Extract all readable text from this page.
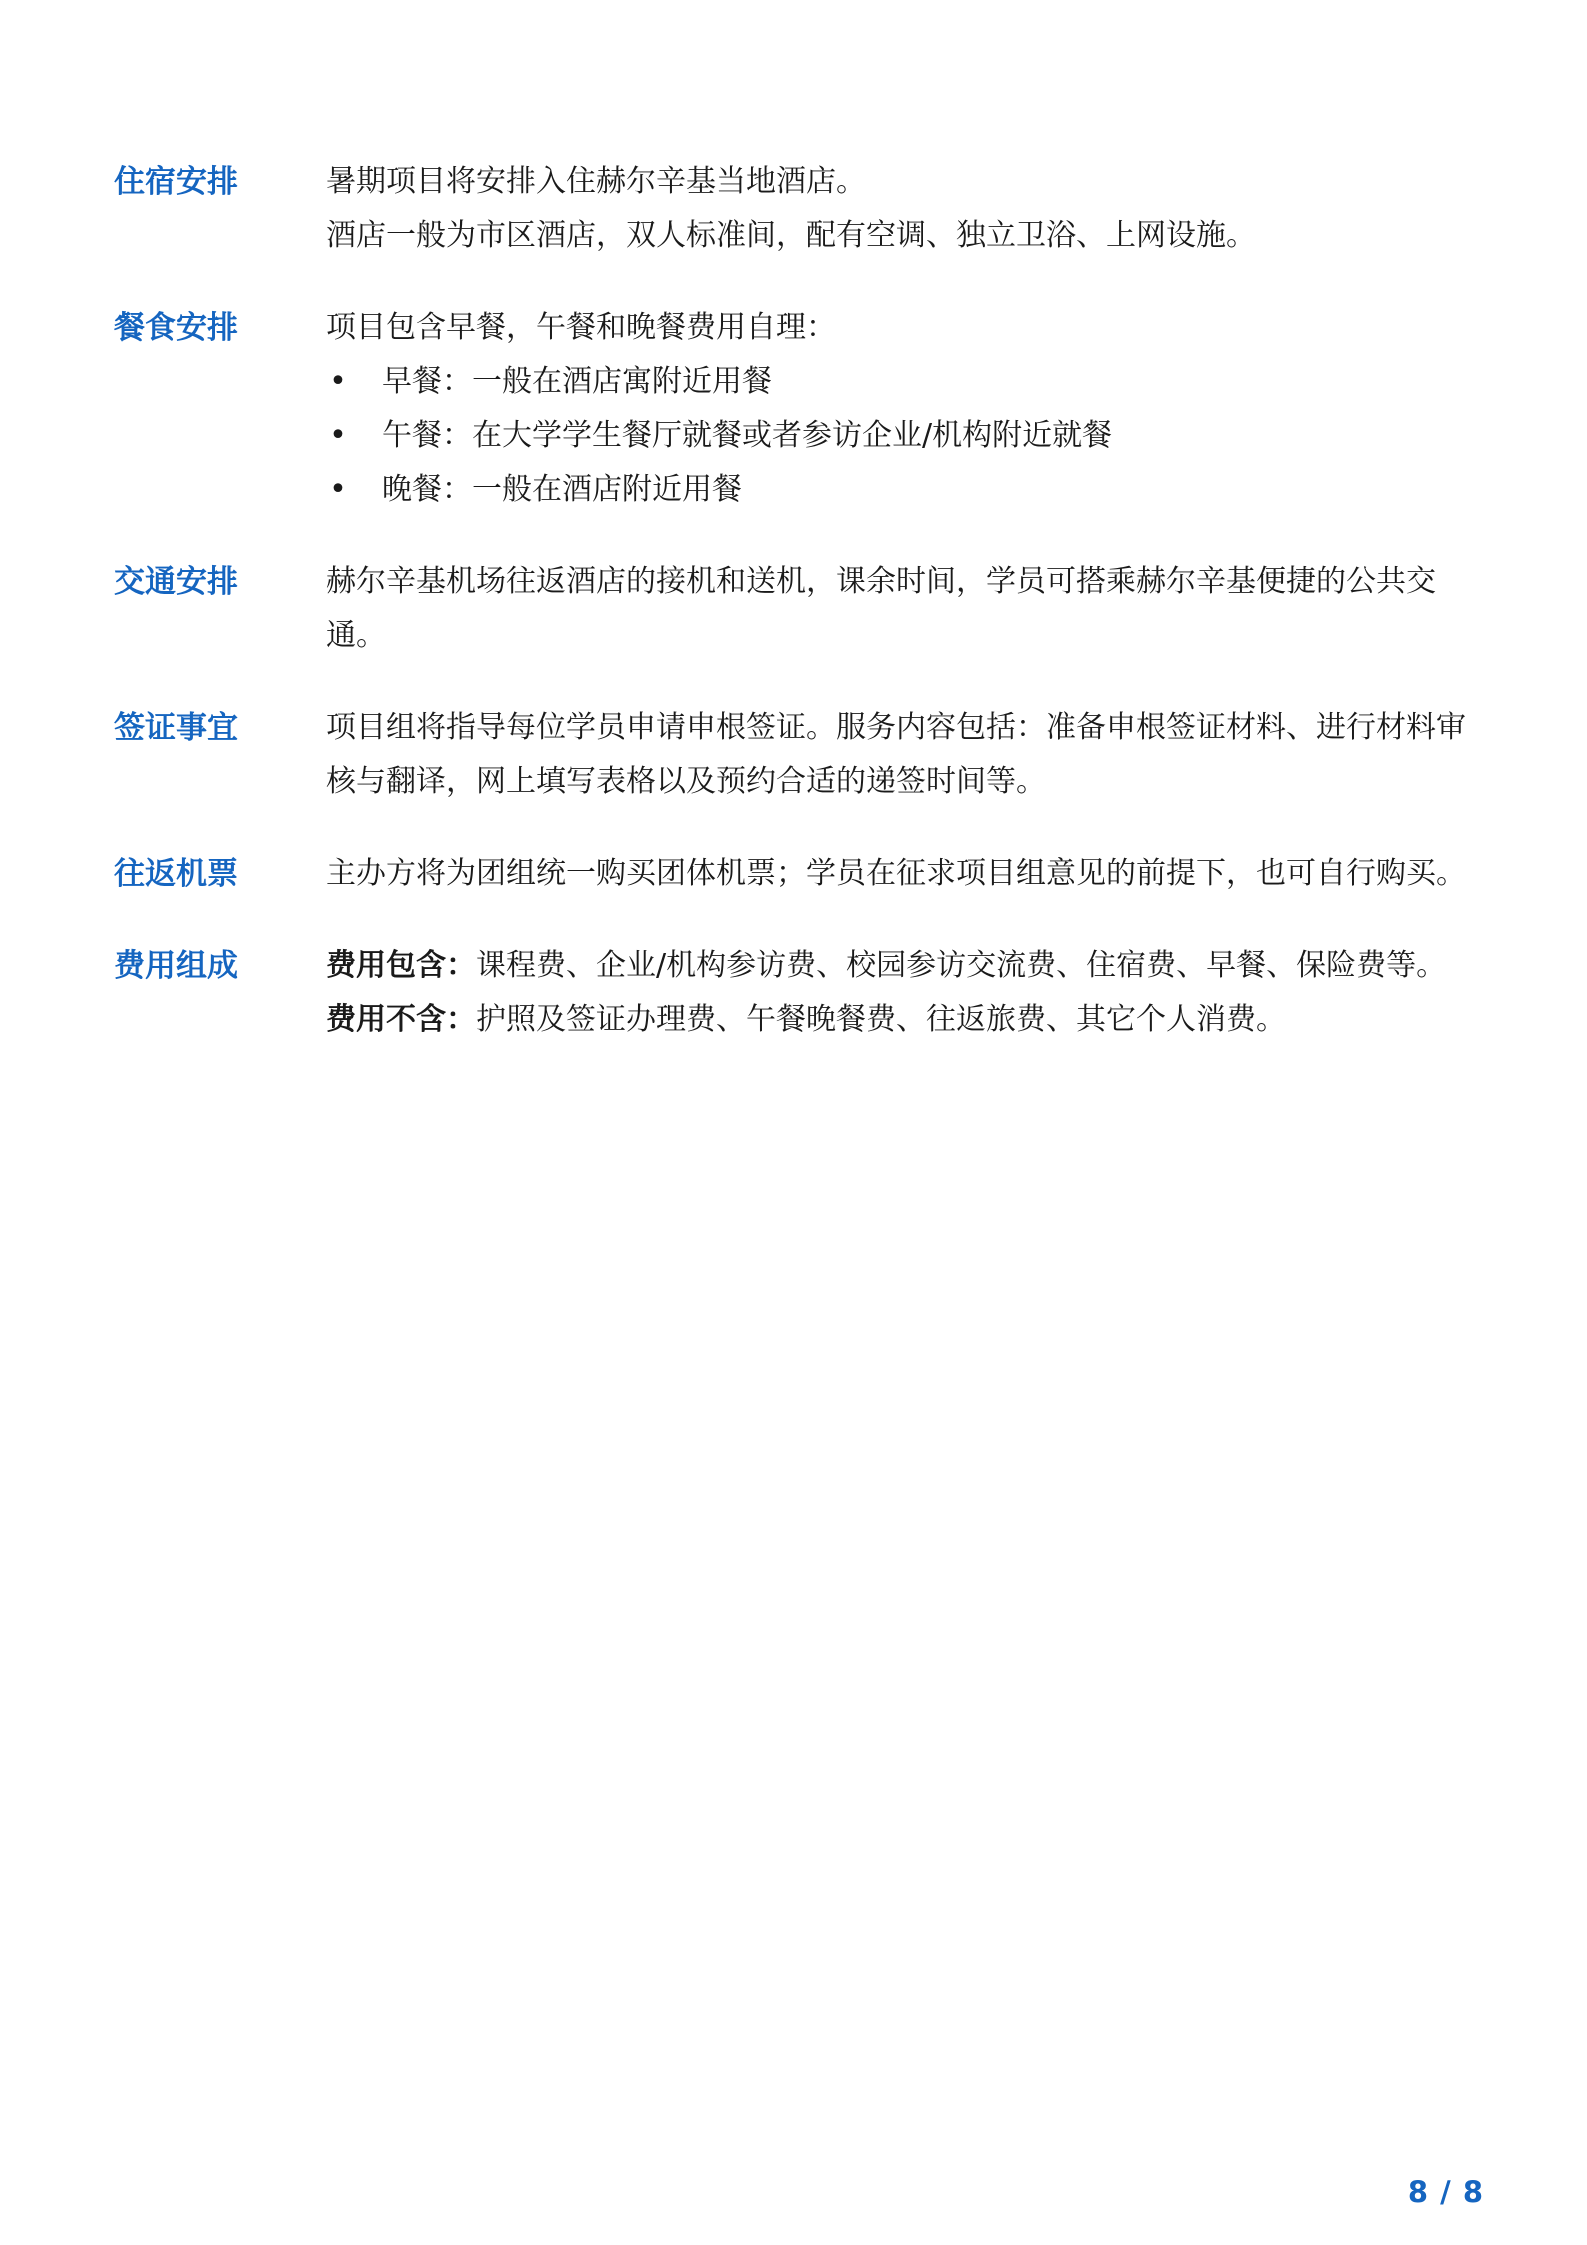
住宿安排	暑期项目将安排入住赫尔辛基当地酒店。

酒店一般为市区酒店，双人标准间，配有空调、独立卫浴、上网设施。

餐食安排	项目包含早餐，午餐和晚餐费用自理：

• 早餐：一般在酒店寓附近用餐
• 午餐：在大学学生餐厅就餐或者参访企业/机构附近就餐
• 晚餐：一般在酒店附近用餐
交通安排	赫尔辛基机场往返酒店的接机和送机，课余时间，学员可搭乘赫尔辛基便捷的公共交通。

签证事宜	项目组将指导每位学员申请申根签证。服务内容包括：准备申根签证材料、进行材料审核与翻译，网上填写表格以及预约合适的递签时间等。

往返机票	主办方将为团组统一购买团体机票；学员在征求项目组意见的前提下，也可自行购买。

费用组成	费用包含：课程费、企业/机构参访费、校园参访交流费、住宿费、早餐、保险费等。

费用不含：护照及签证办理费、午餐晚餐费、往返旅费、其它个人消费。

8 / 8
